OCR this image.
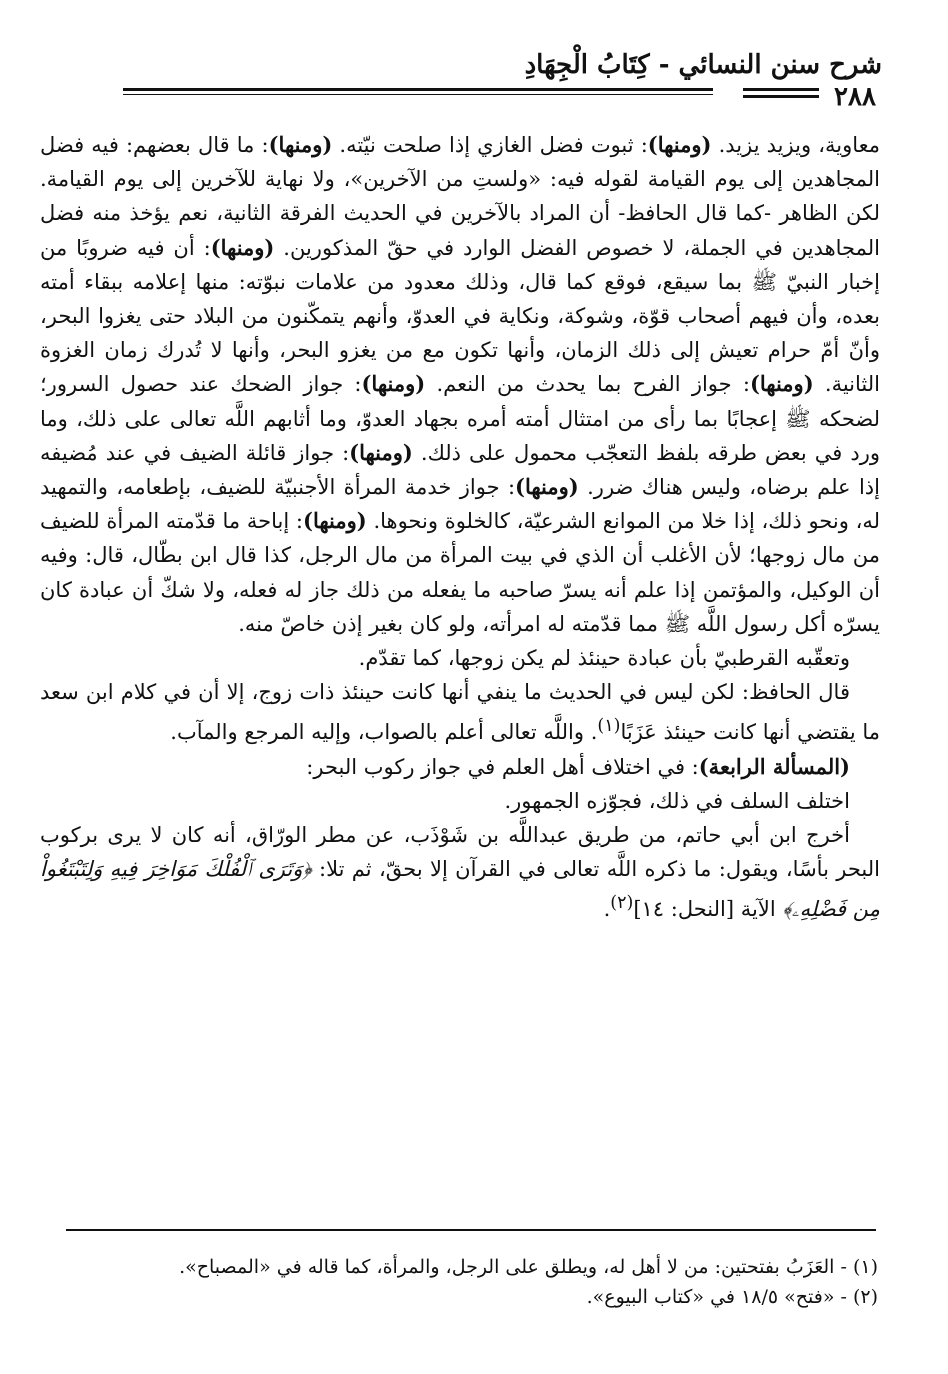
شرح سنن النسائي - كِتَابُ الْجِهَادِ
٢٨٨

معاوية، ويزيد يزيد. (ومنها): ثبوت فضل الغازي إذا صلحت نيّته. (ومنها): ما قال بعضهم: فيه فضل المجاهدين إلى يوم القيامة لقوله فيه: «ولستِ من الآخرين»، ولا نهاية للآخرين إلى يوم القيامة. لكن الظاهر -كما قال الحافظ- أن المراد بالآخرين في الحديث الفرقة الثانية، نعم يؤخذ منه فضل المجاهدين في الجملة، لا خصوص الفضل الوارد في حقّ المذكورين. (ومنها): أن فيه ضروبًا من إخبار النبيّ ﷺ بما سيقع، فوقع كما قال، وذلك معدود من علامات نبوّته: منها إعلامه ببقاء أمته بعده، وأن فيهم أصحاب قوّة، وشوكة، ونكاية في العدوّ، وأنهم يتمكّنون من البلاد حتى يغزوا البحر، وأنّ أمّ حرام تعيش إلى ذلك الزمان، وأنها تكون مع من يغزو البحر، وأنها لا تُدرك زمان الغزوة الثانية. (ومنها): جواز الفرح بما يحدث من النعم. (ومنها): جواز الضحك عند حصول السرور؛ لضحكه ﷺ إعجابًا بما رأى من امتثال أمته أمره بجهاد العدوّ، وما أثابهم اللَّه تعالى على ذلك، وما ورد في بعض طرقه بلفظ التعجّب محمول على ذلك. (ومنها): جواز قائلة الضيف في عند مُضيفه إذا علم برضاه، وليس هناك ضرر. (ومنها): جواز خدمة المرأة الأجنبيّة للضيف، بإطعامه، والتمهيد له، ونحو ذلك، إذا خلا من الموانع الشرعيّة، كالخلوة ونحوها. (ومنها): إباحة ما قدّمته المرأة للضيف من مال زوجها؛ لأن الأغلب أن الذي في بيت المرأة من مال الرجل، كذا قال ابن بطّال، قال: وفيه أن الوكيل، والمؤتمن إذا علم أنه يسرّ صاحبه ما يفعله من ذلك جاز له فعله، ولا شكّ أن عبادة كان يسرّه أكل رسول اللَّه ﷺ مما قدّمته له امرأته، ولو كان بغير إذن خاصّ منه.

وتعقّبه القرطبيّ بأن عبادة حينئذ لم يكن زوجها، كما تقدّم.

قال الحافظ: لكن ليس في الحديث ما ينفي أنها كانت حينئذ ذات زوج، إلا أن في كلام ابن سعد ما يقتضي أنها كانت حينئذ عَزَبًا$^{(١)}$. واللَّه تعالى أعلم بالصواب، وإليه المرجع والمآب.

(المسألة الرابعة): في اختلاف أهل العلم في جواز ركوب البحر:

اختلف السلف في ذلك، فجوّزه الجمهور.

أخرج ابن أبي حاتم، من طريق عبداللَّه بن شَوْذَب، عن مطر الورّاق، أنه كان لا يرى بركوب البحر بأسًا، ويقول: ما ذكره اللَّه تعالى في القرآن إلا بحقّ، ثم تلا: ﴿وَتَرَى ٱلْفُلْكَ مَوَاخِرَ فِيهِ وَلِتَبْتَغُواْ مِن فَضْلِهِۦ﴾ الآية [النحل: ١٤]$^{(٢)}$.

(١) - العَزَبُ بفتحتين: من لا أهل له، ويطلق على الرجل، والمرأة، كما قاله في «المصباح».
(٢) - «فتح» ١٨/٥ في «كتاب البيوع».
